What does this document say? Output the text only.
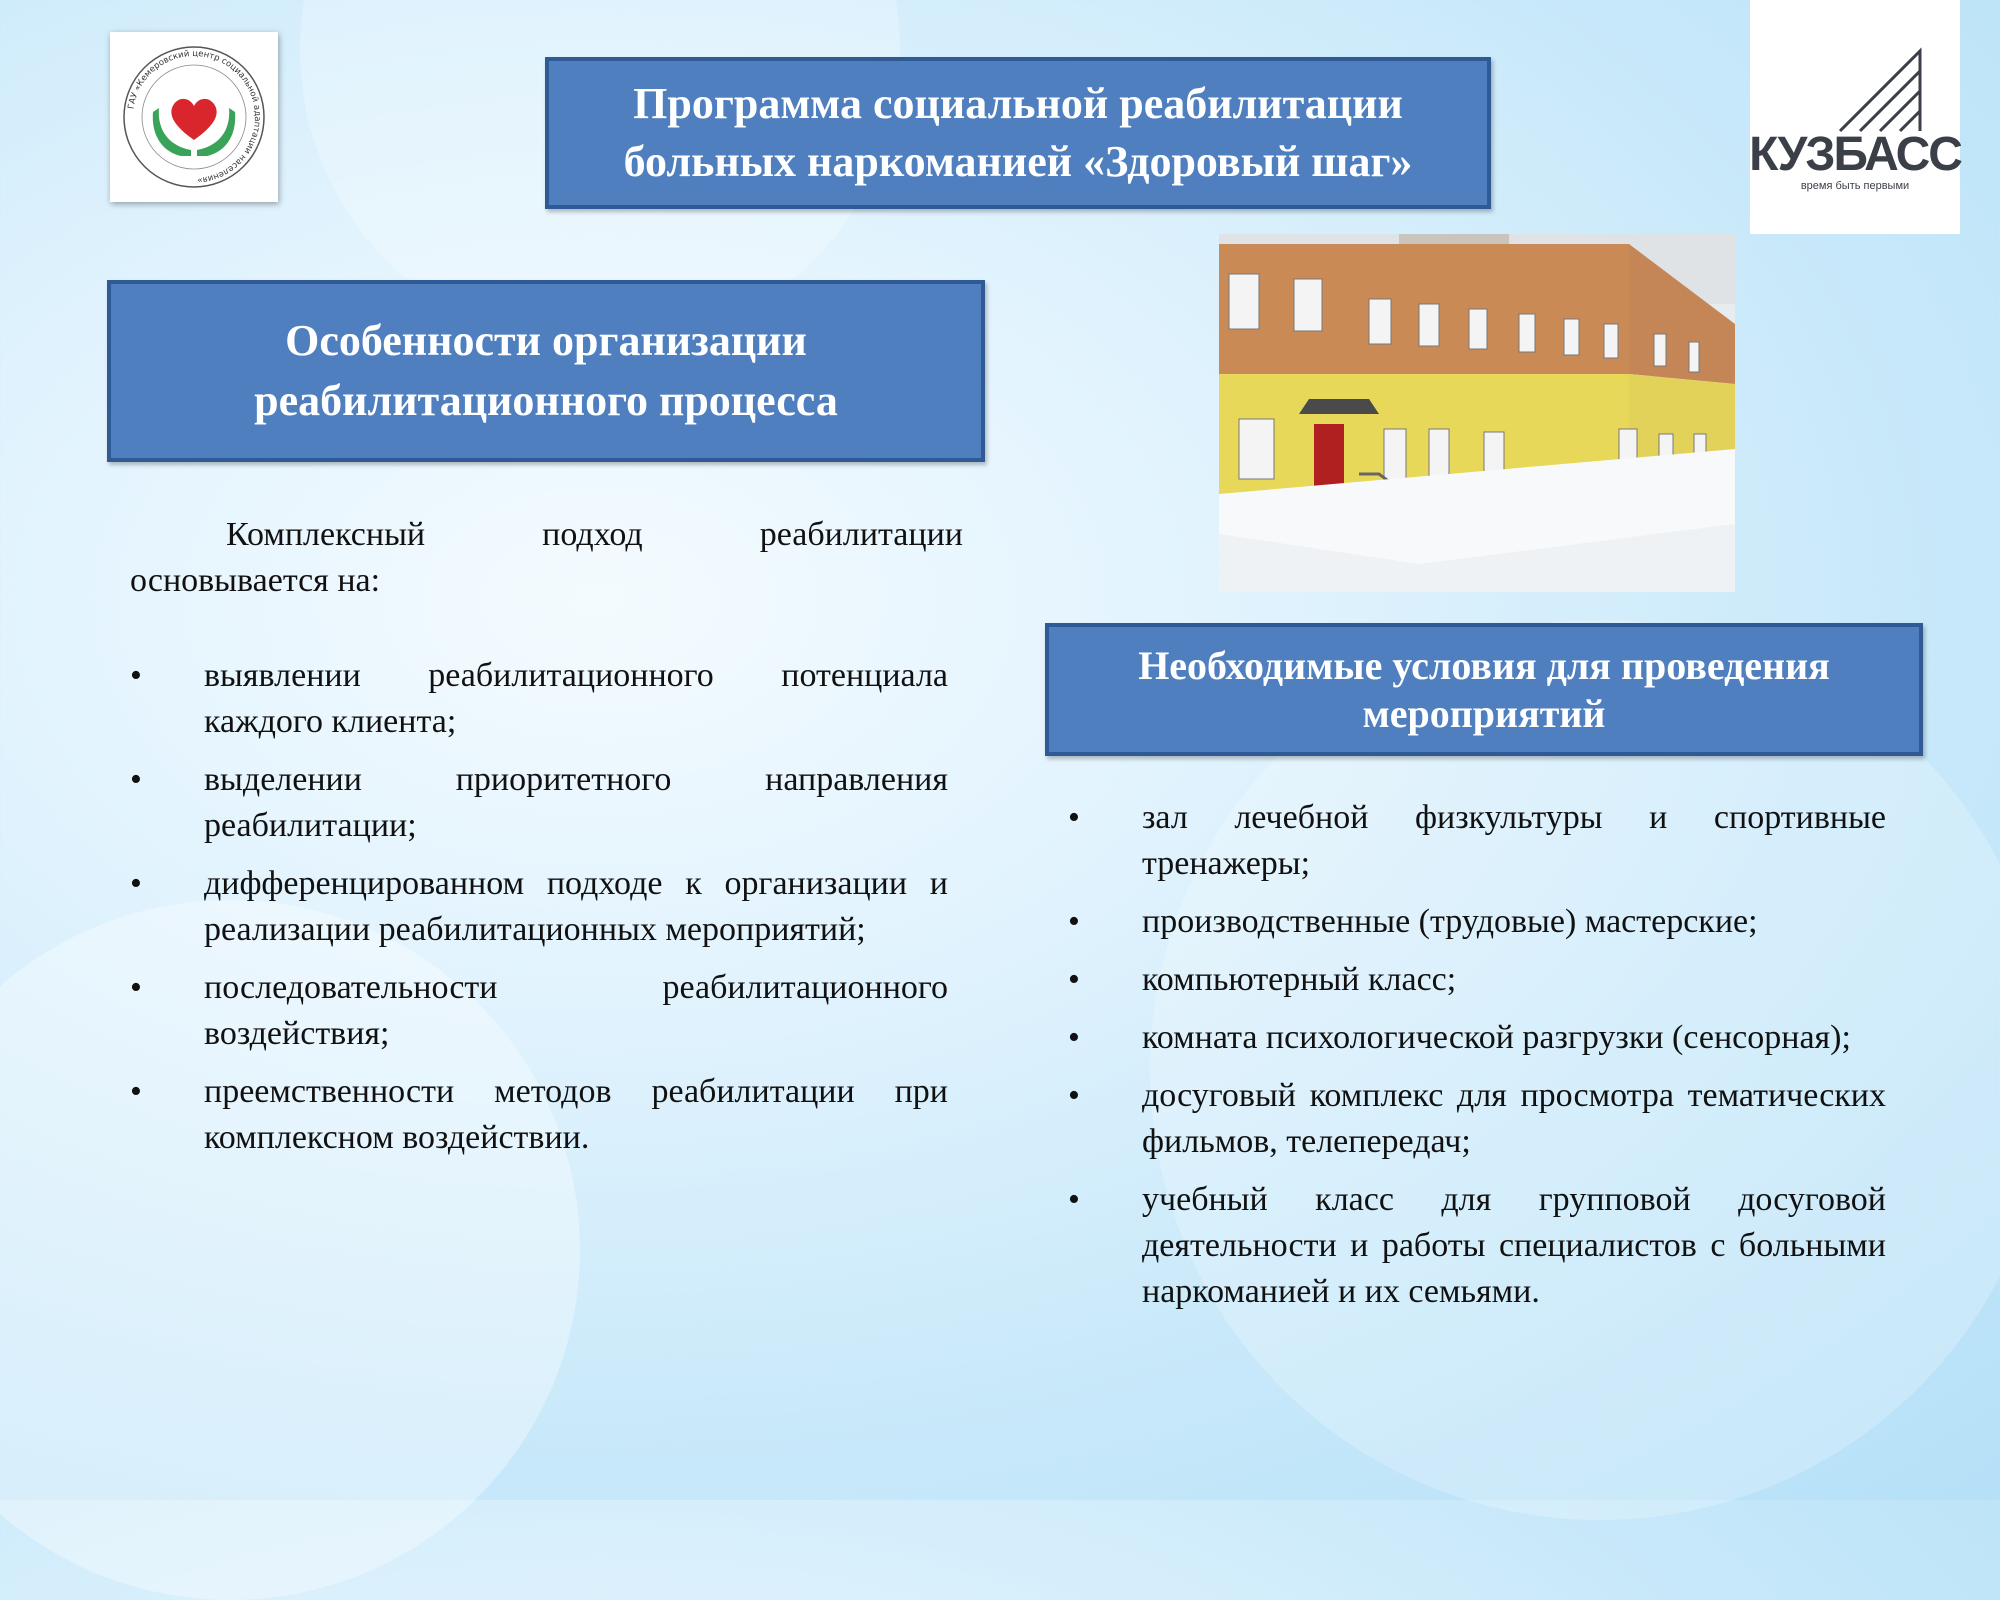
ГАУ «Кемеровский центр социальной адаптации населения»	КУЗБАСС
время быть первыми
Программа социальной реабилитации
больных наркоманией «Здоровый шаг»
Особенности организации
реабилитационного процесса
Комплексный подход реабилитации
основывается на:
• выявлении реабилитационного потенциала каждого клиента;
• выделении приоритетного направления реабилитации;
• дифференцированном подходе к организации и реализации реабилитационных мероприятий;
• последовательности реабилитационного воздействия;
• преемственности методов реабилитации при комплексном воздействии.
Необходимые условия для проведения
мероприятий
• зал лечебной физкультуры и спортивные тренажеры;
• производственные (трудовые) мастерские;
• компьютерный класс;
• комната психологической разгрузки (сенсорная);
• досуговый комплекс для просмотра тематических фильмов, телепередач;
• учебный класс для групповой досуговой деятельности и работы специалистов с больными наркоманией и их семьями.
